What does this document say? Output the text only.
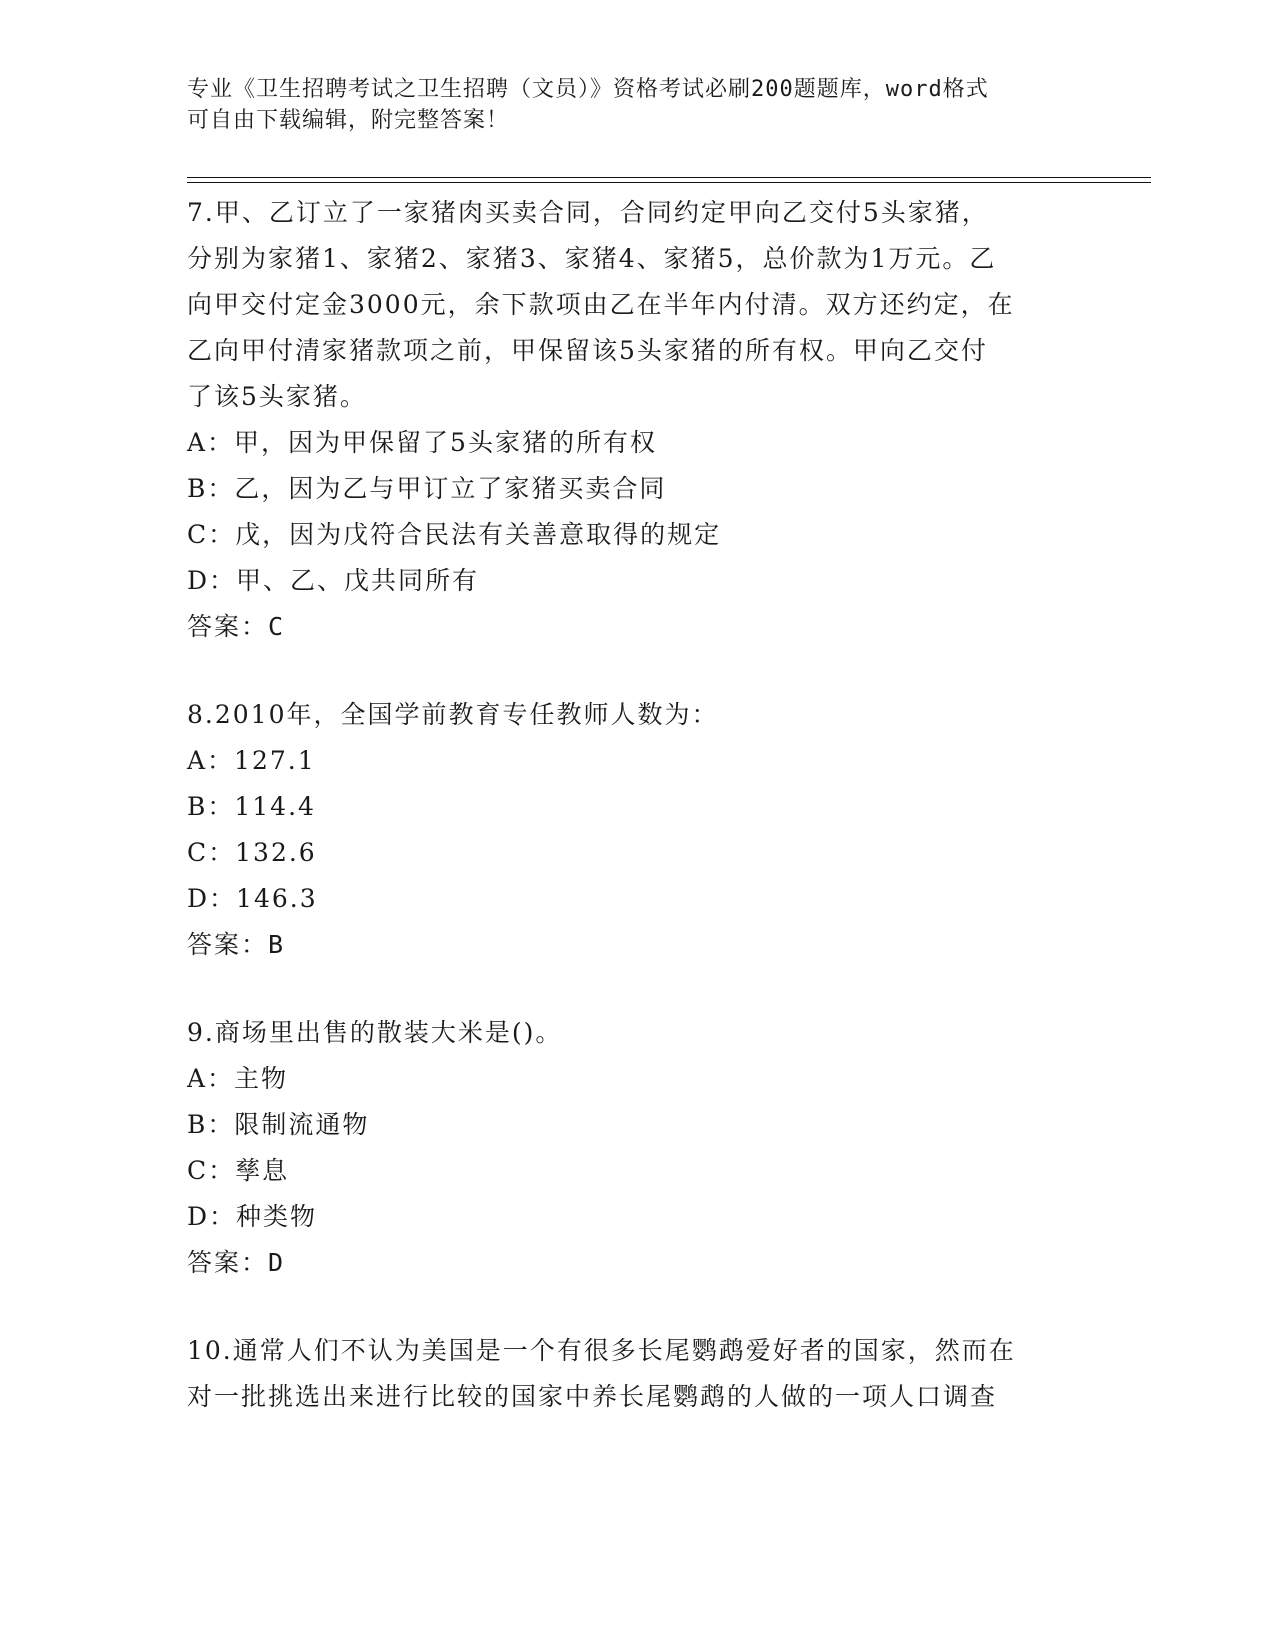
专业《卫生招聘考试之卫生招聘（文员）》资格考试必刷200题题库，word格式
可自由下载编辑，附完整答案！
7.甲、乙订立了一家猪肉买卖合同，合同约定甲向乙交付5头家猪，
分别为家猪1、家猪2、家猪3、家猪4、家猪5，总价款为1万元。乙
向甲交付定金3000元，余下款项由乙在半年内付清。双方还约定，在
乙向甲付清家猪款项之前，甲保留该5头家猪的所有权。甲向乙交付
了该5头家猪。
A：甲，因为甲保留了5头家猪的所有权
B：乙，因为乙与甲订立了家猪买卖合同
C：戊，因为戊符合民法有关善意取得的规定
D：甲、乙、戊共同所有
答案：C
8.2010年，全国学前教育专任教师人数为：
A：127.1
B：114.4
C：132.6
D：146.3
答案：B
9.商场里出售的散装大米是()。
A：主物
B：限制流通物
C：孳息
D：种类物
答案：D
10.通常人们不认为美国是一个有很多长尾鹦鹉爱好者的国家，然而在
对一批挑选出来进行比较的国家中养长尾鹦鹉的人做的一项人口调查
